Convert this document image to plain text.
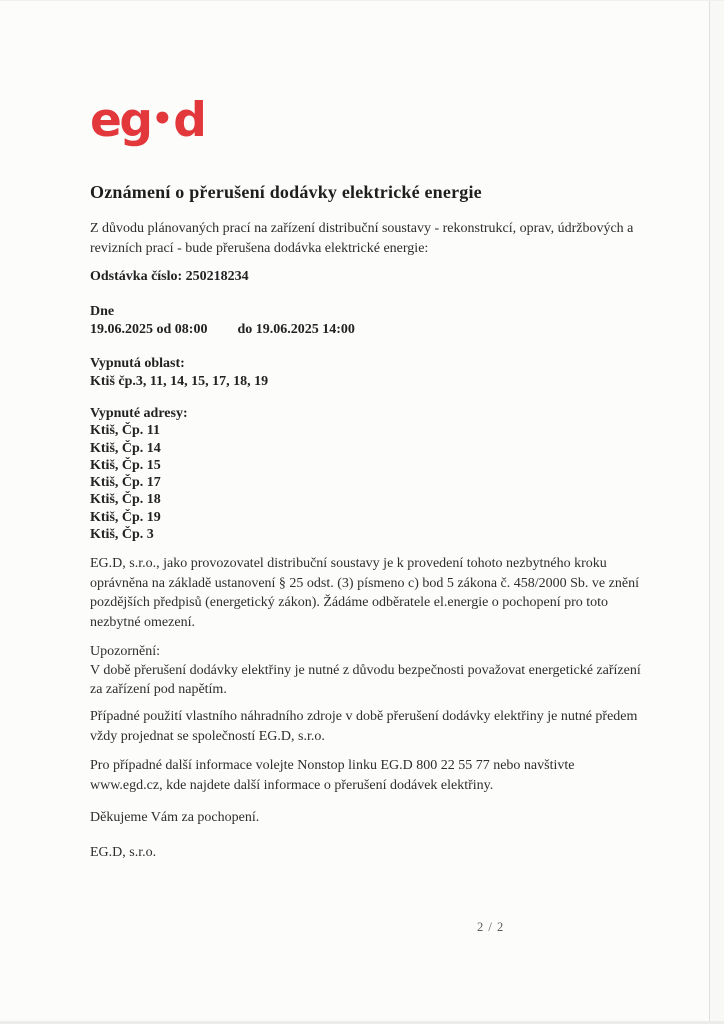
eg•d
Oznámení o přerušení dodávky elektrické energie
Z důvodu plánovaných prací na zařízení distribuční soustavy - rekonstrukcí, oprav, údržbových a revizních prací - bude přerušena dodávka elektrické energie:
Odstávka číslo: 250218234
Dne
19.06.2025 od 08:00 do 19.06.2025 14:00
Vypnutá oblast:
Ktiš čp.3, 11, 14, 15, 17, 18, 19
Vypnuté adresy:
Ktiš, Čp. 11
Ktiš, Čp. 14
Ktiš, Čp. 15
Ktiš, Čp. 17
Ktiš, Čp. 18
Ktiš, Čp. 19
Ktiš, Čp. 3
EG.D, s.r.o., jako provozovatel distribuční soustavy je k provedení tohoto nezbytného kroku oprávněna na základě ustanovení § 25 odst. (3) písmeno c) bod 5 zákona č. 458/2000 Sb. ve znění pozdějších předpisů (energetický zákon). Žádáme odběratele el.energie o pochopení pro toto nezbytné omezení.
Upozornění:
V době přerušení dodávky elektřiny je nutné z důvodu bezpečnosti považovat energetické zařízení za zařízení pod napětím.
Případné použití vlastního náhradního zdroje v době přerušení dodávky elektřiny je nutné předem vždy projednat se společností EG.D, s.r.o.
Pro případné další informace volejte Nonstop linku EG.D 800 22 55 77 nebo navštivte www.egd.cz, kde najdete další informace o přerušení dodávek elektřiny.
Děkujeme Vám za pochopení.
EG.D, s.r.o.
2 / 2
